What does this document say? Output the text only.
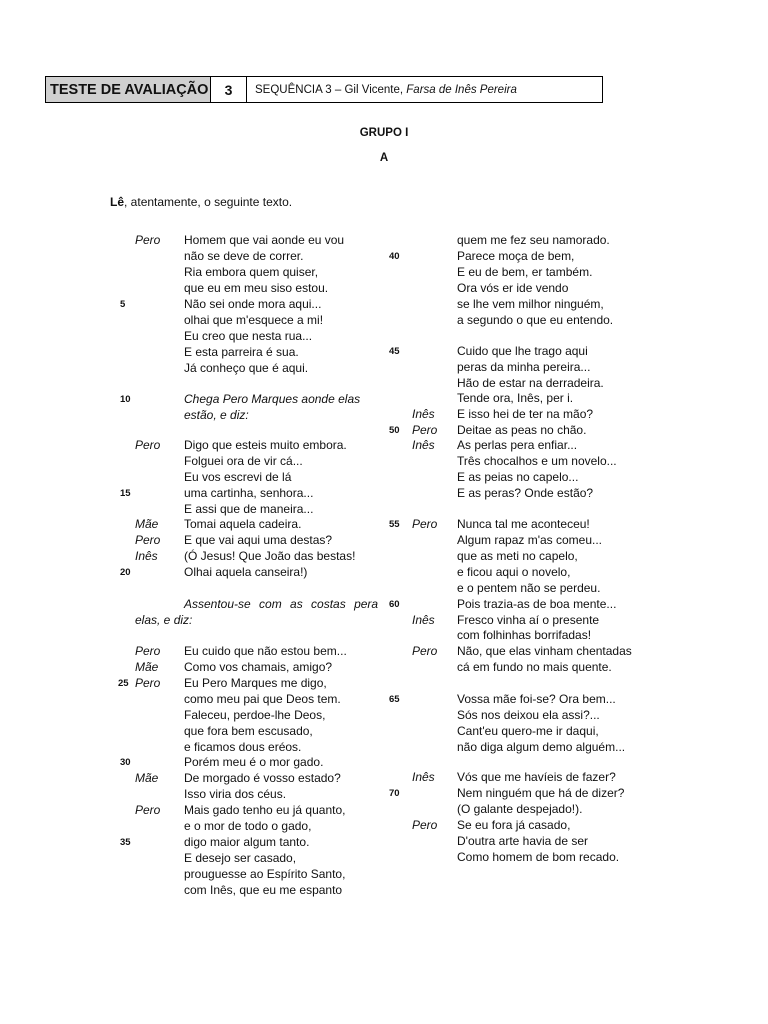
TESTE DE AVALIAÇÃO	3	SEQUÊNCIA 3 – Gil Vicente,
Farsa de Inês Pereira
GRUPO I
A
Lê, atentamente, o seguinte texto.
Pero Homem que vai aonde eu vou
não se deve de correr.
Ria embora quem quiser,
que eu em meu siso estou.
5	Não sei onde mora aqui...
olhai que m'esquece a mi!
Eu creo que nesta rua...
E esta parreira é sua.
Já conheço que é aqui.
10	Chega Pero Marques aonde elas
estão, e diz:
Pero Digo que esteis muito embora.
Folguei ora de vir cá...
Eu vos escrevi de lá
15	uma cartinha, senhora...
E assi que de maneira...
Mãe Tomai aquela cadeira.
Pero E que vai aqui uma destas?
Inês (Ó Jesus! Que João das bestas!
20	Olhai aquela canseira!)
Assentou-se com as costas pera
elas, e diz:
Pero Eu cuido que não estou bem...
Mãe Como vos chamais, amigo?
25 Pero Eu Pero Marques me digo,
como meu pai que Deos tem.
Faleceu, perdoe-lhe Deos,
que fora bem escusado,
e ficamos dous eréos.
30	Porém meu é o mor gado.
Mãe De morgado é vosso estado?
Isso viria dos céus.
Pero Mais gado tenho eu já quanto,
e o mor de todo o gado,
35	digo maior algum tanto.
E desejo ser casado,
prouguesse ao Espírito Santo,
com Inês, que eu me espanto
quem me fez seu namorado.
40	Parece moça de bem,
E eu de bem, er também.
Ora vós er ide vendo
se lhe vem milhor ninguém,
a segundo o que eu entendo.
45	Cuido que lhe trago aqui
peras da minha pereira...
Hão de estar na derradeira.
Tende ora, Inês, per i.
Inês E isso hei de ter na mão?
50 Pero Deitae as peas no chão.
Inês As perlas pera enfiar...
Três chocalhos e um novelo...
E as peias no capelo...
E as peras? Onde estão?
55 Pero Nunca tal me aconteceu!
Algum rapaz m'as comeu...
que as meti no capelo,
e ficou aqui o novelo,
e o pentem não se perdeu.
60	Pois trazia-as de boa mente...
Inês Fresco vinha aí o presente
com folhinhas borrifadas!
Pero Não, que elas vinham chentadas
cá em fundo no mais quente.
65	Vossa mãe foi-se? Ora bem...
Sós nos deixou ela assi?...
Cant'eu quero-me ir daqui,
não diga algum demo alguém...
Inês Vós que me havíeis de fazer?
70	Nem ninguém que há de dizer?
(O galante despejado!).
Pero Se eu fora já casado,
D'outra arte havia de ser
Como homem de bom recado.
